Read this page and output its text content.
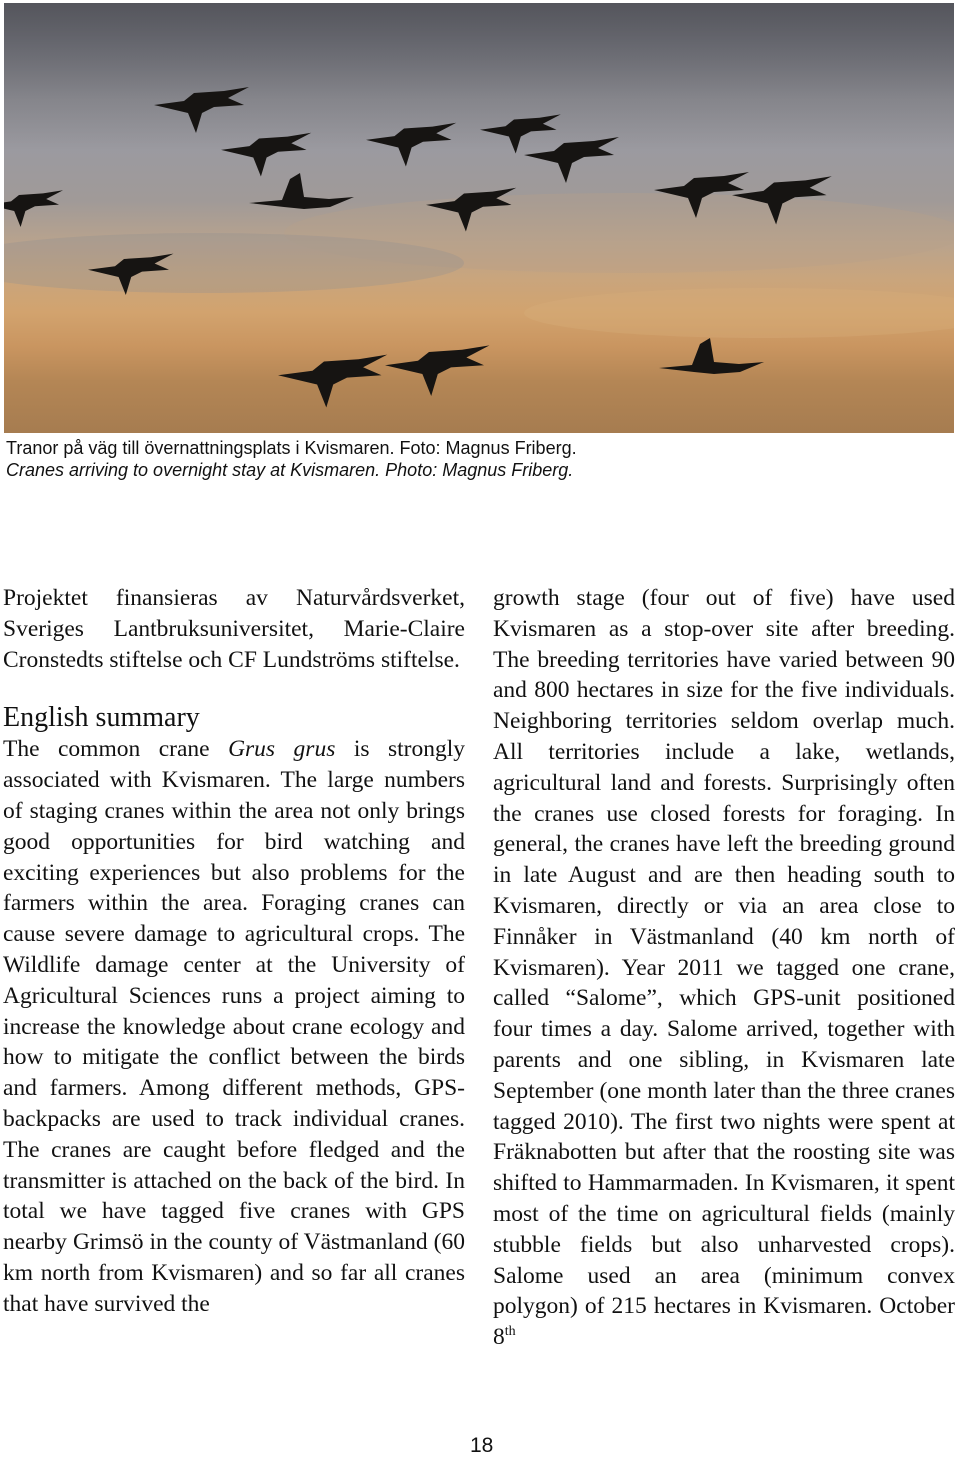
Tranor på väg till övernattningsplats i Kvismaren. Foto: Magnus Friberg.
Cranes arriving to overnight stay at Kvismaren. Photo: Magnus Friberg.

Projektet finansieras av Naturvårdsverket, Sveriges Lantbruksuniversitet, Marie-Claire Cronstedts stiftelse och CF Lundströms stiftelse.

English summary

The common crane Grus grus is strongly associated with Kvismaren. The large numbers of staging cranes within the area not only brings good opportunities for bird watching and exciting experiences but also problems for the farmers within the area. Foraging cranes can cause severe damage to agricultural crops. The Wildlife damage center at the University of Agricultural Sciences runs a project aiming to increase the knowledge about crane ecology and how to mitigate the conflict between the birds and farmers. Among different methods, GPS-backpacks are used to track individual cranes. The cranes are caught before fledged and the transmitter is attached on the back of the bird. In total we have tagged five cranes with GPS nearby Grimsö in the county of Västmanland (60 km north from Kvismaren) and so far all cranes that have survived the

growth stage (four out of five) have used Kvismaren as a stop-over site after breeding. The breeding territories have varied between 90 and 800 hectares in size for the five individuals. Neighboring territories seldom overlap much. All territories include a lake, wetlands, agricultural land and forests. Surprisingly often the cranes use closed forests for foraging. In general, the cranes have left the breeding ground in late August and are then heading south to Kvismaren, directly or via an area close to Finnåker in Västmanland (40 km north of Kvismaren). Year 2011 we tagged one crane, called “Salome”, which GPS-unit positioned four times a day. Salome arrived, together with parents and one sibling, in Kvismaren late September (one month later than the three cranes tagged 2010). The first two nights were spent at Fräknabotten but after that the roosting site was shifted to Hammarmaden. In Kvismaren, it spent most of the time on agricultural fields (mainly stubble fields but also unharvested crops). Salome used an area (minimum convex polygon) of 215 hectares in Kvismaren. October 8th

18
